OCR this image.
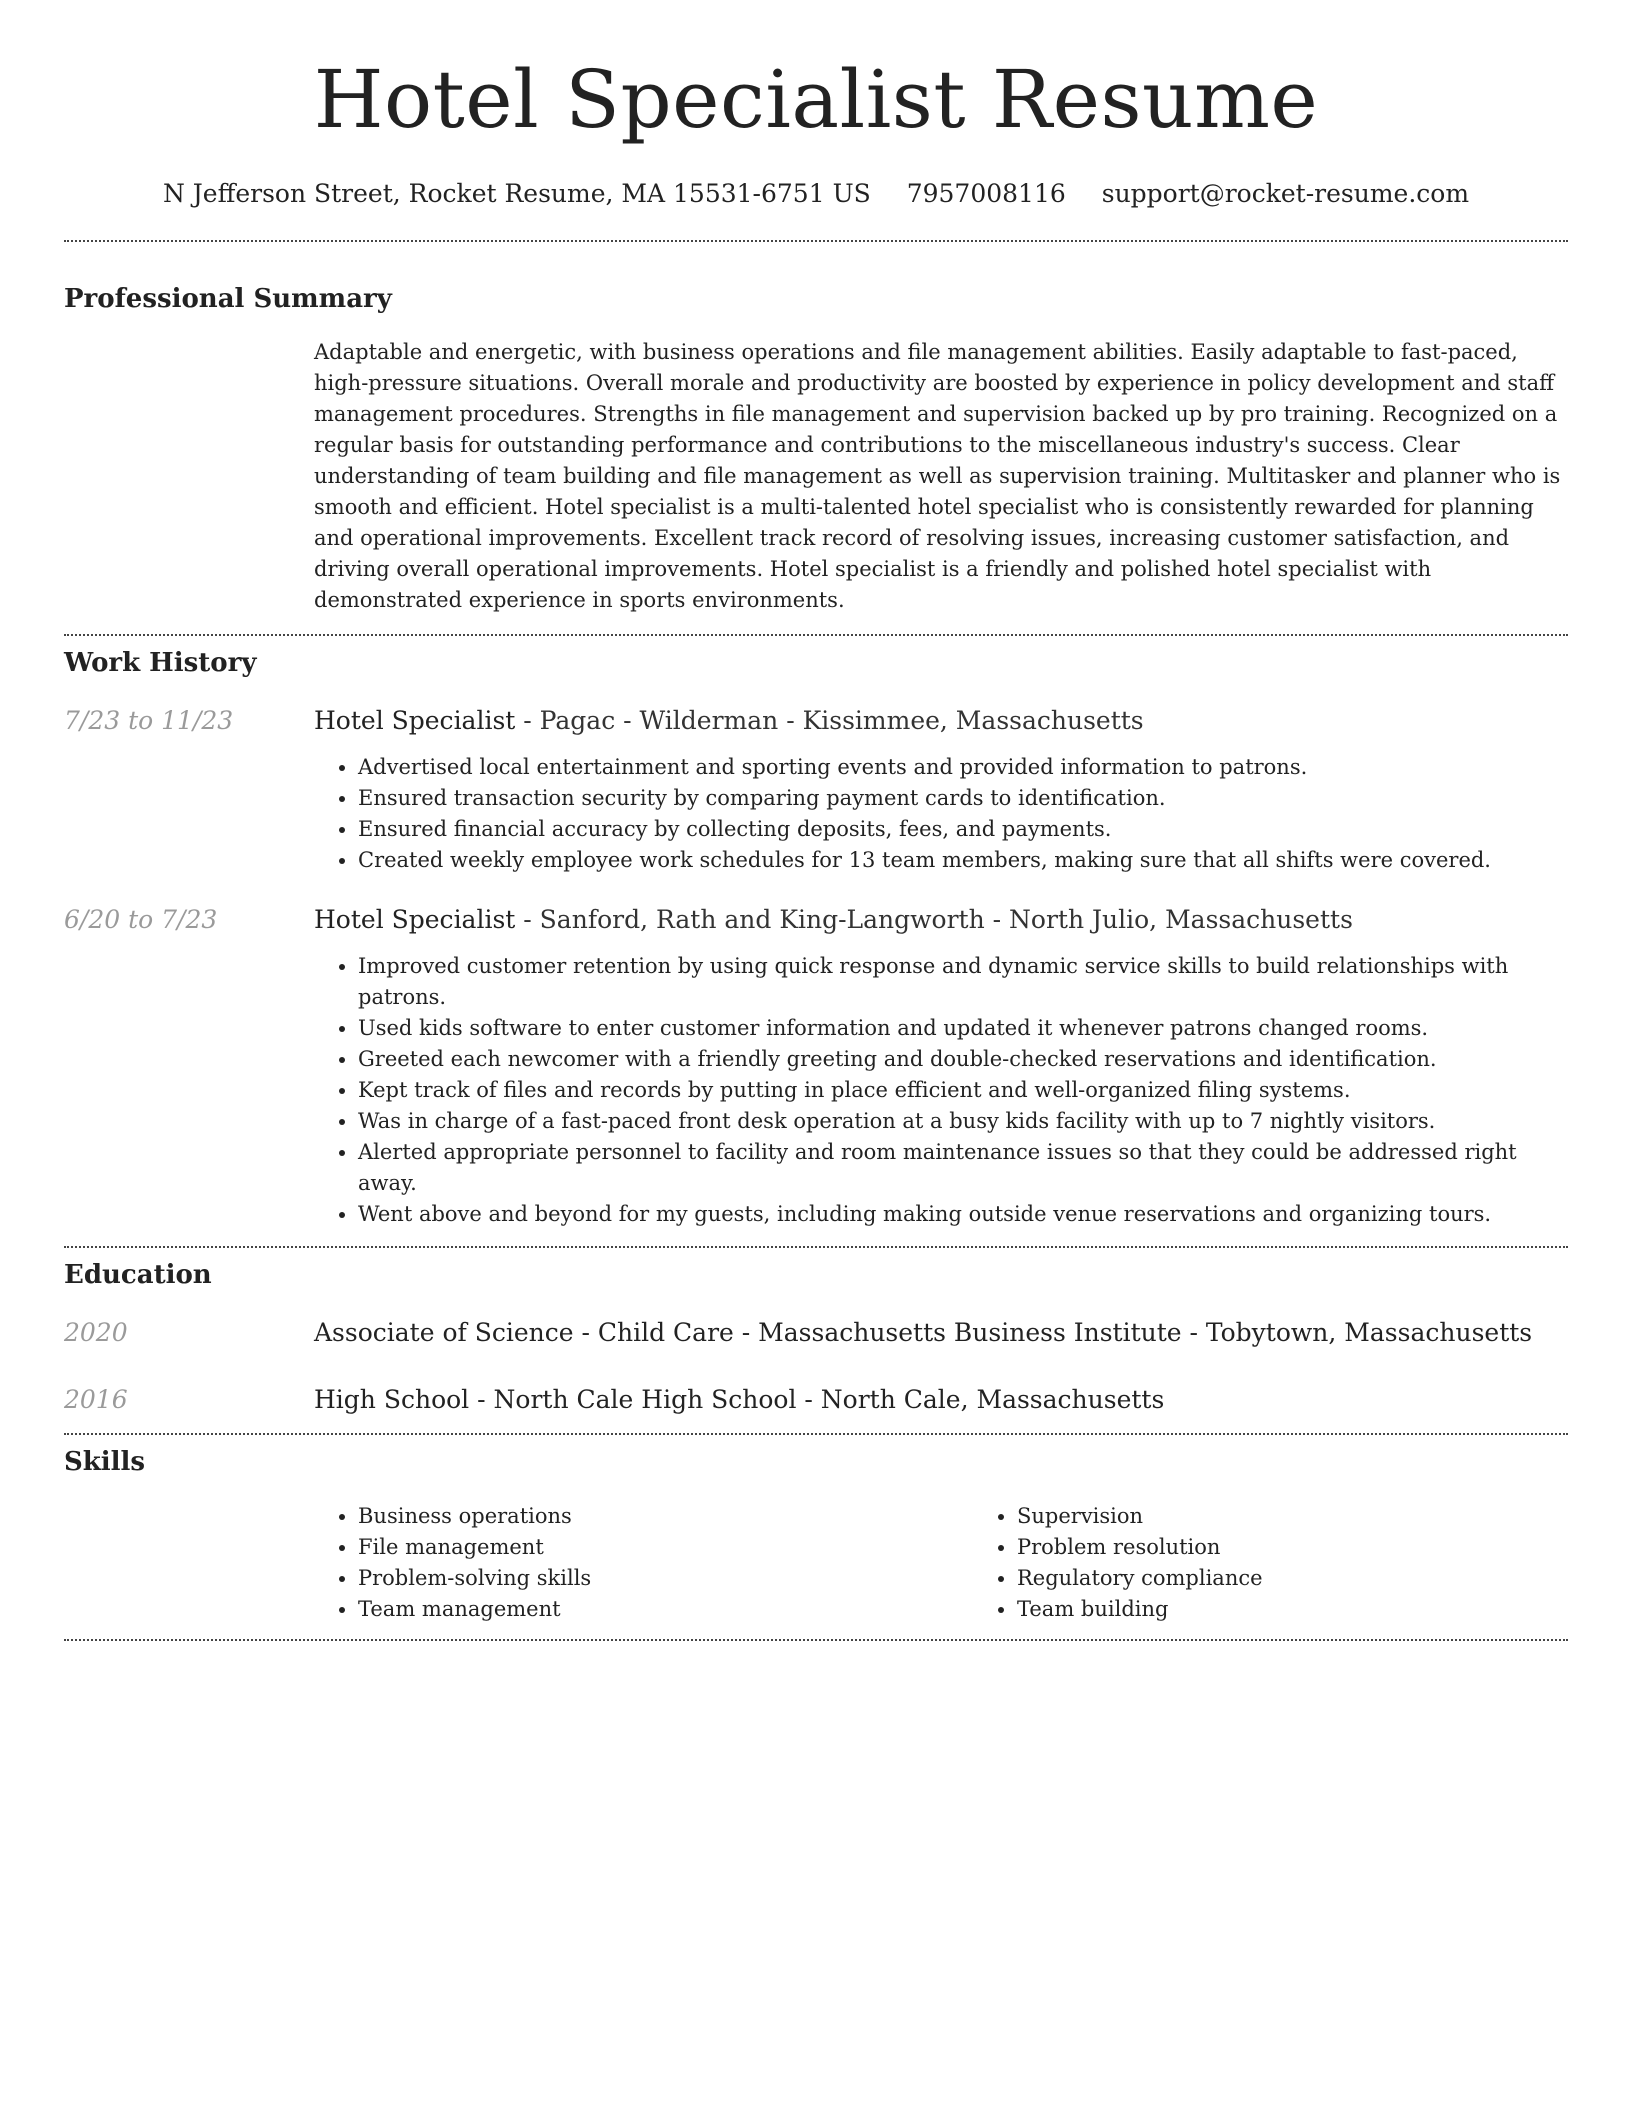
Hotel Specialist Resume
N Jefferson Street, Rocket Resume, MA 15531-6751 US 7957008116 support@rocket-resume.com
Professional Summary

Adaptable and energetic, with business operations and file management abilities. Easily adaptable to fast-paced, high-pressure situations. Overall morale and productivity are boosted by experience in policy development and staff management procedures. Strengths in file management and supervision backed up by pro training. Recognized on a regular basis for outstanding performance and contributions to the miscellaneous industry's success. Clear understanding of team building and file management as well as supervision training. Multitasker and planner who is smooth and efficient. Hotel specialist is a multi-talented hotel specialist who is consistently rewarded for planning and operational improvements. Excellent track record of resolving issues, increasing customer satisfaction, and driving overall operational improvements. Hotel specialist is a friendly and polished hotel specialist with demonstrated experience in sports environments.

Work History
7/23 to 11/23	Hotel Specialist - Pagac - Wilderman - Kissimmee, Massachusetts
• Advertised local entertainment and sporting events and provided information to patrons.
• Ensured transaction security by comparing payment cards to identification.
• Ensured financial accuracy by collecting deposits, fees, and payments.
• Created weekly employee work schedules for 13 team members, making sure that all shifts were covered.
6/20 to 7/23	Hotel Specialist - Sanford, Rath and King-Langworth - North Julio, Massachusetts
• Improved customer retention by using quick response and dynamic service skills to build relationships with patrons.
• Used kids software to enter customer information and updated it whenever patrons changed rooms.
• Greeted each newcomer with a friendly greeting and double-checked reservations and identification.
• Kept track of files and records by putting in place efficient and well-organized filing systems.
• Was in charge of a fast-paced front desk operation at a busy kids facility with up to 7 nightly visitors.
• Alerted appropriate personnel to facility and room maintenance issues so that they could be addressed right away.
• Went above and beyond for my guests, including making outside venue reservations and organizing tours.
Education
2020	Associate of Science - Child Care - Massachusetts Business Institute - Tobytown, Massachusetts
2016	High School - North Cale High School - North Cale, Massachusetts
Skills
• Business operations
• File management
• Problem-solving skills
• Team management
• Supervision
• Problem resolution
• Regulatory compliance
• Team building
